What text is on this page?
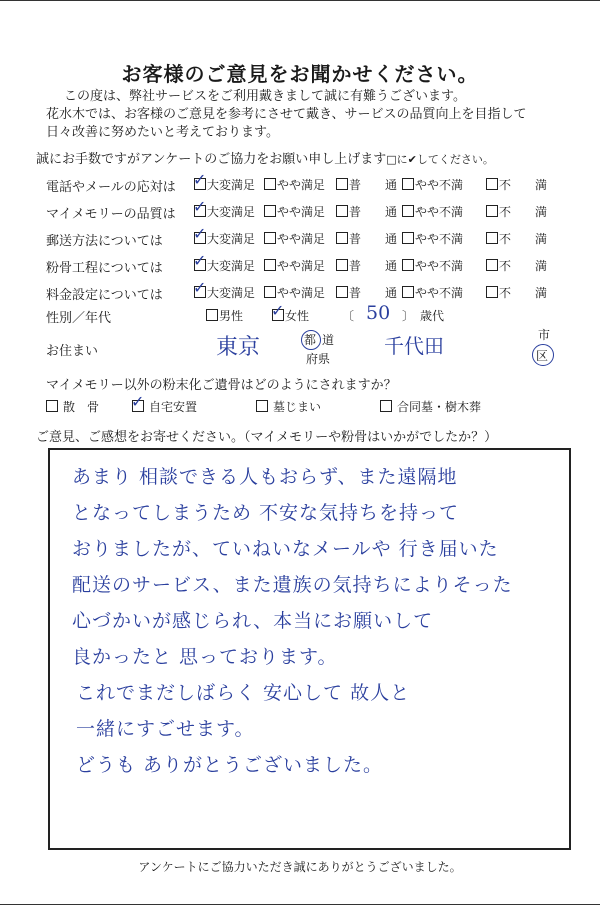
お客様のご意見をお聞かせください。
この度は、弊社サービスをご利用戴きまして誠に有難うございます。
花水木では、お客様のご意見を参考にさせて戴き、サービスの品質向上を目指して
日々改善に努めたいと考えております。
誠にお手数ですがアンケートのご協力をお願い申し上げます□に✔してください。
電話やメールの応対は ✓ 大変満足	やや満足	普　　通	やや不満	不　　満
マイメモリーの品質は ✓ 大変満足	やや満足	普　　通	やや不満	不　　満
郵送方法については ✓ 大変満足	やや満足	普　　通	やや不満	不　　満
粉骨工程については ✓ 大変満足	やや満足	普　　通	やや不満	不　　満
料金設定については ✓ 大変満足	やや満足	普　　通	やや不満	不　　満
性別／年代	男性 ✓ 女性	〔 50 〕 歳代
お住まい	東京	都 道
府県
千代田	市
区
マイメモリー以外の粉末化ご遺骨はどのようにされますか？
散　骨 ✓ 自宅安置	墓じまい	合同墓・樹木葬
ご意見、ご感想をお寄せください。（マイメモリーや粉骨はいかがでしたか？）
あまり 相談できる人もおらず、また遠隔地
となってしまうため 不安な気持ちを持って
おりましたが、ていねいなメールや 行き届いた
配送のサービス、また遺族の気持ちによりそった
心づかいが感じられ、本当にお願いして
良かったと 思っております。
これでまだしばらく 安心して 故人と
一緒にすごせます。
どうも ありがとうございました。
アンケートにご協力いただき誠にありがとうございました。
